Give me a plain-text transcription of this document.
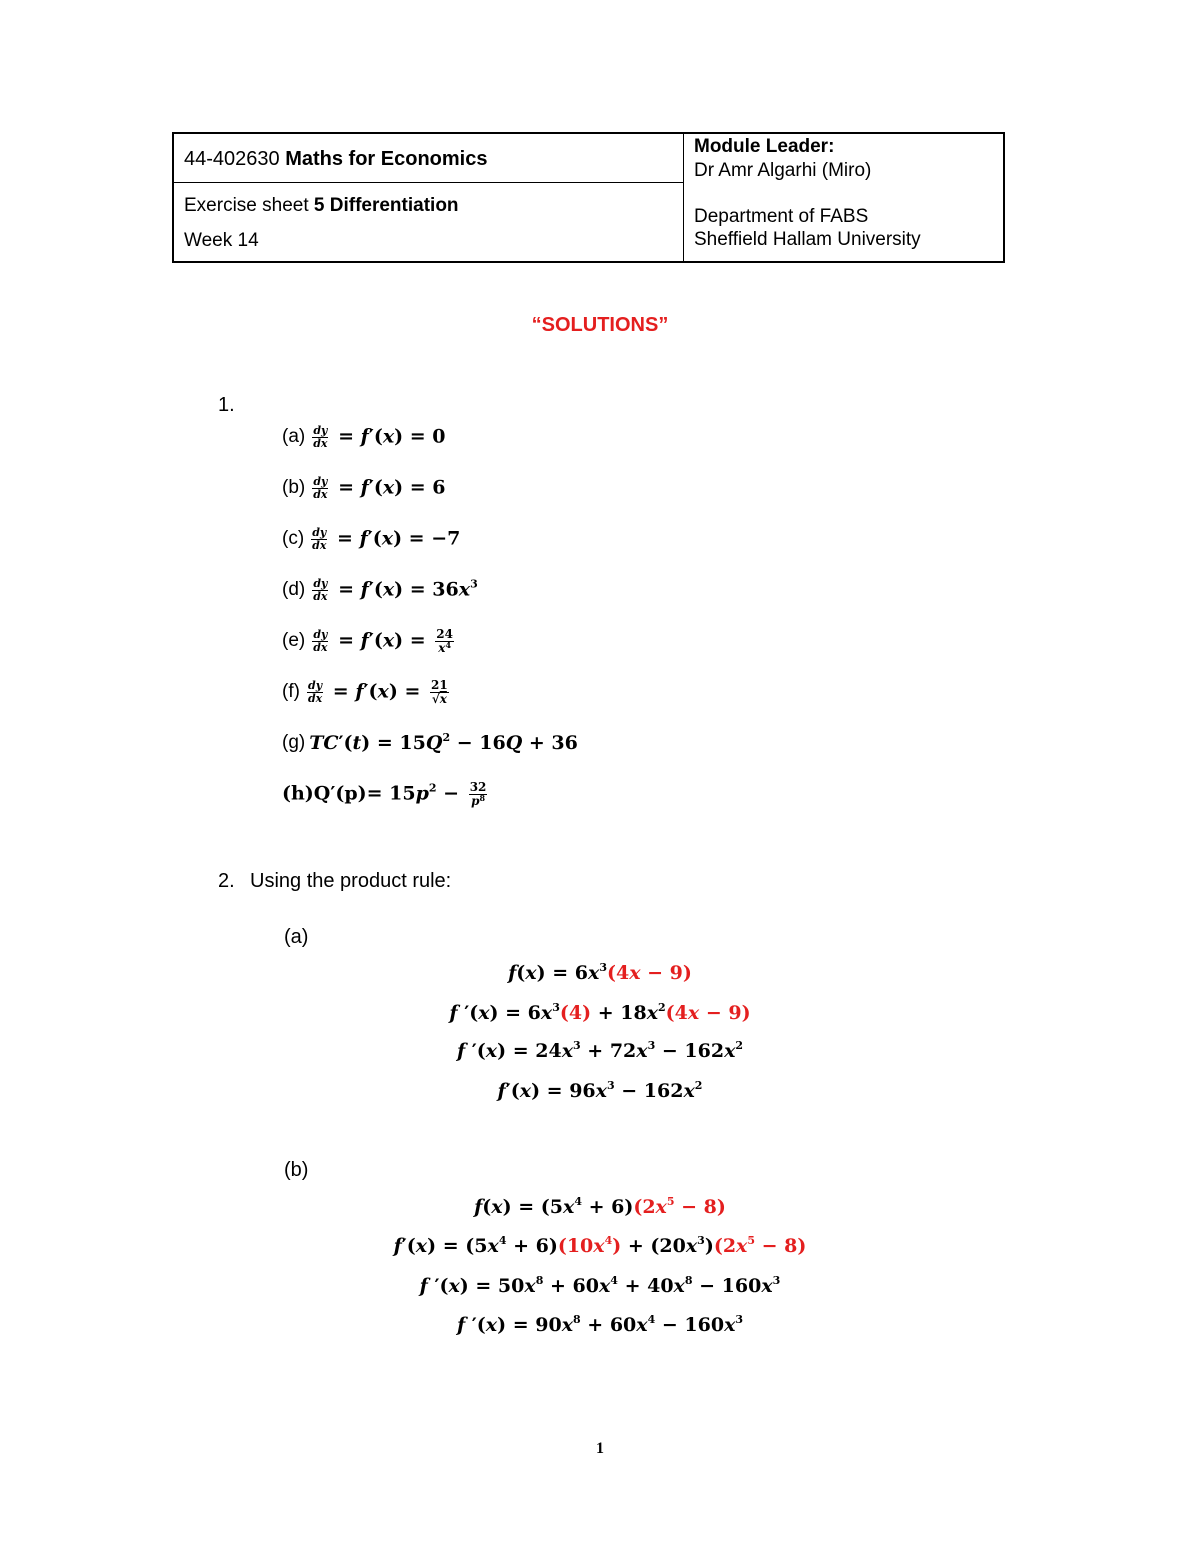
44-402630 Maths for Economics
Exercise sheet 5 Differentiation
Week 14
Module Leader:
Dr Amr Algarhi (Miro)
Department of FABS
Sheffield Hallam University
“SOLUTIONS”
1.
$(a) \frac{dy}{dx} = f'(x) = 0$
$(b) \frac{dy}{dx} = f'(x) = 6$
$(c) \frac{dy}{dx} = f'(x) = -7$
$(d) \frac{dy}{dx} = f'(x) = 36x^3$
$(e) \frac{dy}{dx} = f'(x) = \frac{24}{x^4}$
$(f) \frac{dy}{dx} = f'(x) = \frac{21}{√x}$
(g) $TC'(t) = 15Q^2 - 16Q + 36$
$(h)Q'(p)= 15p^2 - \frac{32}{p^8}$
2. Using the product rule:
(a)
$f(x) = 6x^3(4x - 9)$
f $'(x) = 6x^3(4) + 18x^2(4x - 9)$
f $'(x) = 24x^3 + 72x^3 - 162x^2$
$f'(x) = 96x^3 - 162x^2$
(b)
$f(x) = (5x^4 + 6)(2x^5 - 8)$
$f'(x) = (5x^4 + 6)(10x^4) + (20x^3)(2x^5 - 8)$
f $'(x) = 50x^8 + 60x^4 + 40x^8 - 160x^3$
f $'(x) = 90x^8 + 60x^4 - 160x^3$
1
